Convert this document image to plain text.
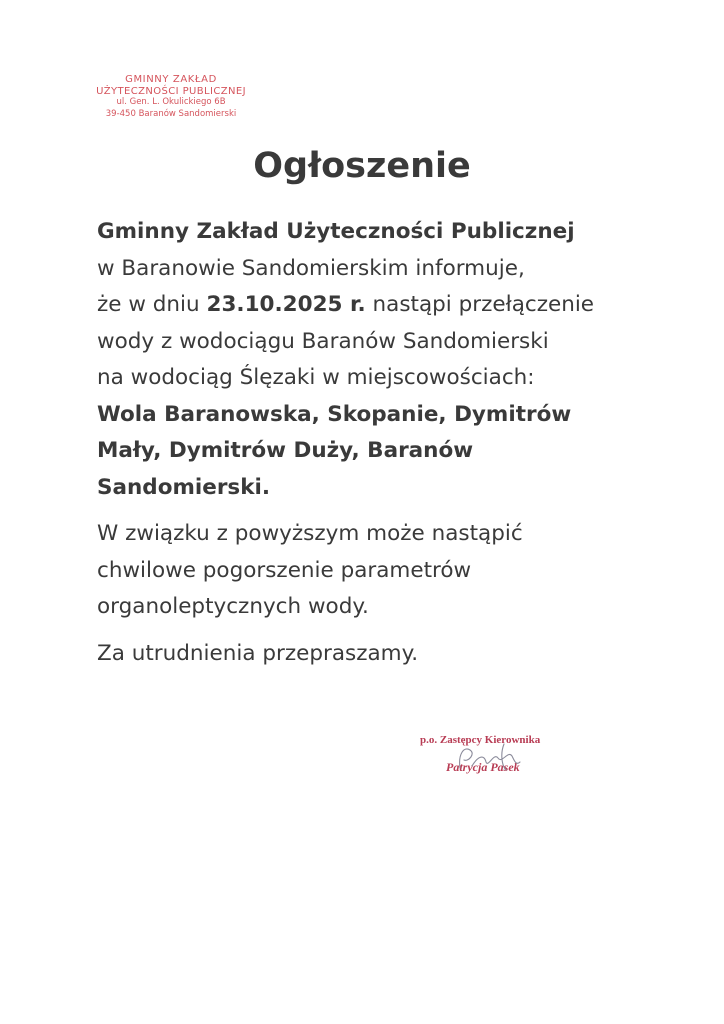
GMINNY ZAKŁAD
UŻYTECZNOŚCI PUBLICZNEJ
ul. Gen. L. Okulickiego 6B
39-450 Baranów Sandomierski
Ogłoszenie
Gminny Zakład Użyteczności Publicznej
w Baranowie Sandomierskim informuje,
że w dniu 23.10.2025 r. nastąpi przełączenie
wody z wodociągu Baranów Sandomierski
na wodociąg Ślęzaki w miejscowościach:
Wola Baranowska, Skopanie, Dymitrów
Mały, Dymitrów Duży, Baranów
Sandomierski.
W związku z powyższym może nastąpić
chwilowe pogorszenie parametrów
organoleptycznych wody.
Za utrudnienia przepraszamy.
p.o. Zastępcy Kierownika
Patrycja Pasek
